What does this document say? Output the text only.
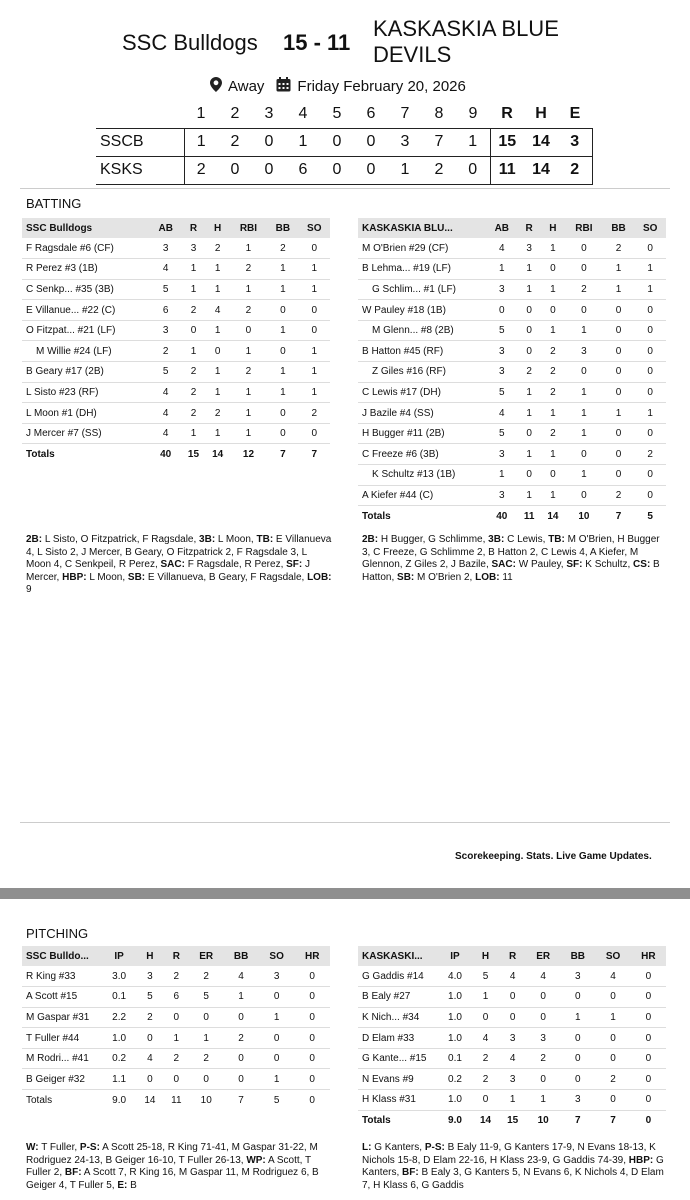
SSC Bulldogs 15 - 11
KASKASKIA BLUE
DEVILS
Away Friday February 20, 2026
	1	2	3	4	5	6	7	8	9	R	H	E
SSCB	1	2	0	1	0	0	3	7	1	15	14	3
KSKS	2	0	0	6	0	0	1	2	0	11	14	2
BATTING
SSC Bulldogs	AB	R	H	RBI	BB	SO
F Ragsdale #6 (CF)	3	3	2	1	2	0
R Perez #3 (1B)	4	1	1	2	1	1
C Senkp... #35 (3B)	5	1	1	1	1	1
E Villanue... #22 (C)	6	2	4	2	0	0
O Fitzpat... #21 (LF)	3	0	1	0	1	0
M Willie #24 (LF)	2	1	0	1	0	1
B Geary #17 (2B)	5	2	1	2	1	1
L Sisto #23 (RF)	4	2	1	1	1	1
L Moon #1 (DH)	4	2	2	1	0	2
J Mercer #7 (SS)	4	1	1	1	0	0
Totals	40	15	14	12	7	7
KASKASKIA BLU...	AB	R	H	RBI	BB	SO
M O'Brien #29 (CF)	4	3	1	0	2	0
B Lehma... #19 (LF)	1	1	0	0	1	1
G Schlim... #1 (LF)	3	1	1	2	1	1
W Pauley #18 (1B)	0	0	0	0	0	0
M Glenn... #8 (2B)	5	0	1	1	0	0
B Hatton #45 (RF)	3	0	2	3	0	0
Z Giles #16 (RF)	3	2	2	0	0	0
C Lewis #17 (DH)	5	1	2	1	0	0
J Bazile #4 (SS)	4	1	1	1	1	1
H Bugger #11 (2B)	5	0	2	1	0	0
C Freeze #6 (3B)	3	1	1	0	0	2
K Schultz #13 (1B)	1	0	0	1	0	0
A Kiefer #44 (C)	3	1	1	0	2	0
Totals	40	11	14	10	7	5
2B: L Sisto, O Fitzpatrick, F Ragsdale, 3B: L Moon, TB: E Villanueva 4, L Sisto 2, J Mercer, B Geary, O Fitzpatrick 2, F Ragsdale 3, L Moon 4, C Senkpeil, R Perez, SAC: F Ragsdale, R Perez, SF: J Mercer, HBP: L Moon, SB: E Villanueva, B Geary, F Ragsdale, LOB: 9
2B: H Bugger, G Schlimme, 3B: C Lewis, TB: M O'Brien, H Bugger 3, C Freeze, G Schlimme 2, B Hatton 2, C Lewis 4, A Kiefer, M Glennon, Z Giles 2, J Bazile, SAC: W Pauley, SF: K Schultz, CS: B Hatton, SB: M O'Brien 2, LOB: 11
Scorekeeping. Stats. Live Game Updates.
PITCHING
SSC Bulldo...	IP	H	R	ER	BB	SO	HR
R King #33	3.0	3	2	2	4	3	0
A Scott #15	0.1	5	6	5	1	0	0
M Gaspar #31	2.2	2	0	0	0	1	0
T Fuller #44	1.0	0	1	1	2	0	0
M Rodri... #41	0.2	4	2	2	0	0	0
B Geiger #32	1.1	0	0	0	0	1	0
Totals	9.0	14	11	10	7	5	0
KASKASKI...	IP	H	R	ER	BB	SO	HR
G Gaddis #14	4.0	5	4	4	3	4	0
B Ealy #27	1.0	1	0	0	0	0	0
K Nich... #34	1.0	0	0	0	1	1	0
D Elam #33	1.0	4	3	3	0	0	0
G Kante... #15	0.1	2	4	2	0	0	0
N Evans #9	0.2	2	3	0	0	2	0
H Klass #31	1.0	0	1	1	3	0	0
Totals	9.0	14	15	10	7	7	0
W: T Fuller, P-S: A Scott 25-18, R King 71-41, M Gaspar 31-22, M Rodriguez 24-13, B Geiger 16-10, T Fuller 26-13, WP: A Scott, T Fuller 2, BF: A Scott 7, R King 16, M Gaspar 11, M Rodriguez 6, B Geiger 4, T Fuller 5, E: B
L: G Kanters, P-S: B Ealy 11-9, G Kanters 17-9, N Evans 18-13, K Nichols 15-8, D Elam 22-16, H Klass 23-9, G Gaddis 74-39, HBP: G Kanters, BF: B Ealy 3, G Kanters 5, N Evans 6, K Nichols 4, D Elam 7, H Klass 6, G Gaddis
